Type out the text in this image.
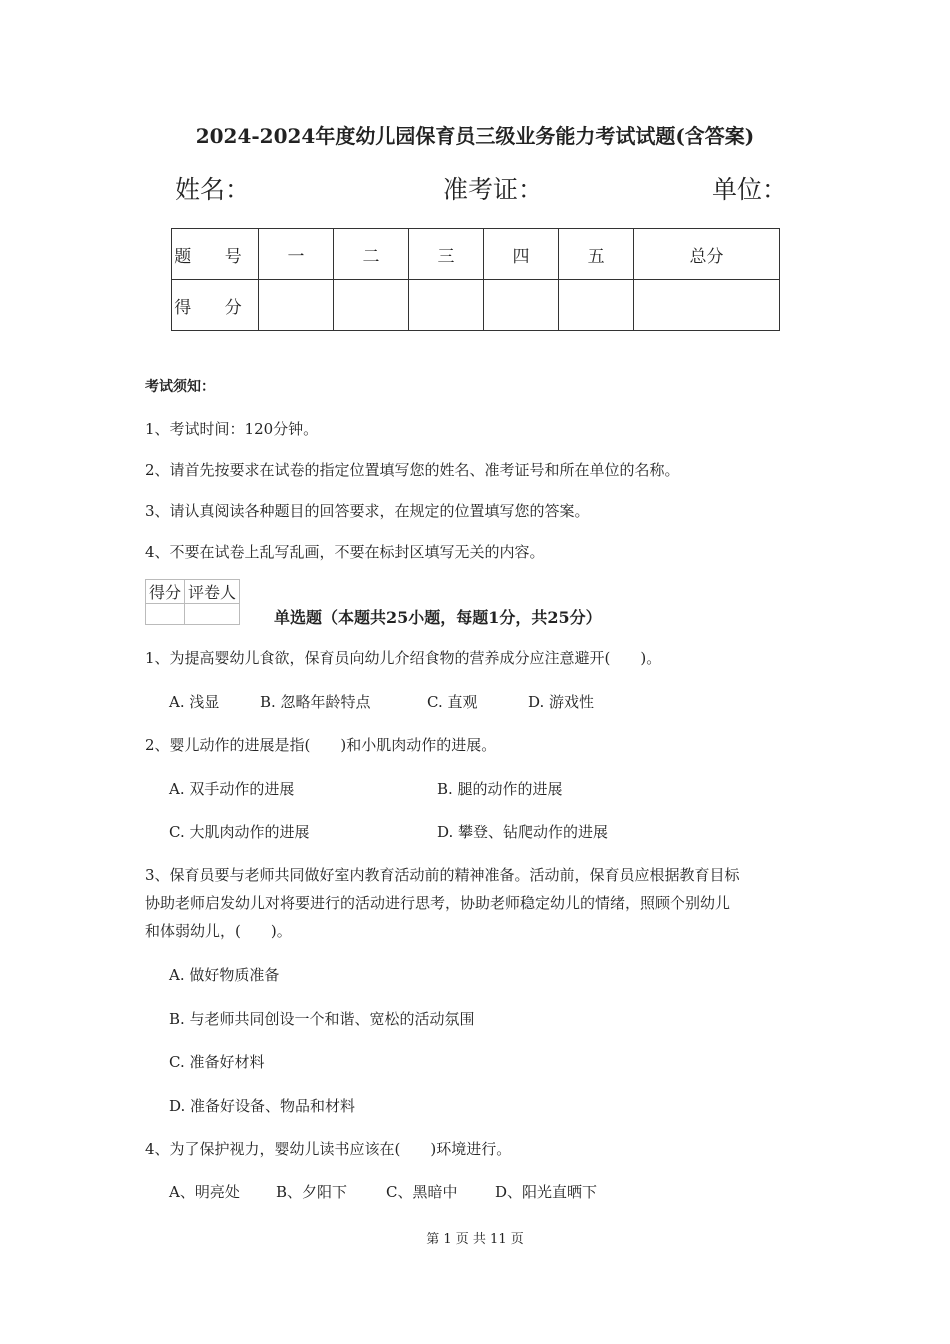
2024-2024年度幼儿园保育员三级业务能力考试试题(含答案)
姓名：	准考证：	单位：
题 号	一	二	三	四	五	总分
得 分						
考试须知：
1、考试时间：120分钟。
2、请首先按要求在试卷的指定位置填写您的姓名、准考证号和所在单位的名称。
3、请认真阅读各种题目的回答要求，在规定的位置填写您的答案。
4、不要在试卷上乱写乱画，不要在标封区填写无关的内容。
得分	评卷人

单选题（本题共25小题，每题1分，共25分）
1、为提高婴幼儿食欲，保育员向幼儿介绍食物的营养成分应注意避开(　　)。
A. 浅显	B. 忽略年龄特点	C. 直观	D. 游戏性
2、婴儿动作的进展是指(　　)和小肌肉动作的进展。
A. 双手动作的进展	B. 腿的动作的进展
C. 大肌肉动作的进展	D. 攀登、钻爬动作的进展
3、保育员要与老师共同做好室内教育活动前的精神准备。活动前，保育员应根据教育目标
协助老师启发幼儿对将要进行的活动进行思考，协助老师稳定幼儿的情绪，照顾个别幼儿
和体弱幼儿，(　　)。
A. 做好物质准备
B. 与老师共同创设一个和谐、宽松的活动氛围
C. 准备好材料
D. 准备好设备、物品和材料
4、为了保护视力，婴幼儿读书应该在(　　)环境进行。
A、明亮处 B、夕阳下	C、黑暗中	D、阳光直晒下
第 1 页 共 11 页
